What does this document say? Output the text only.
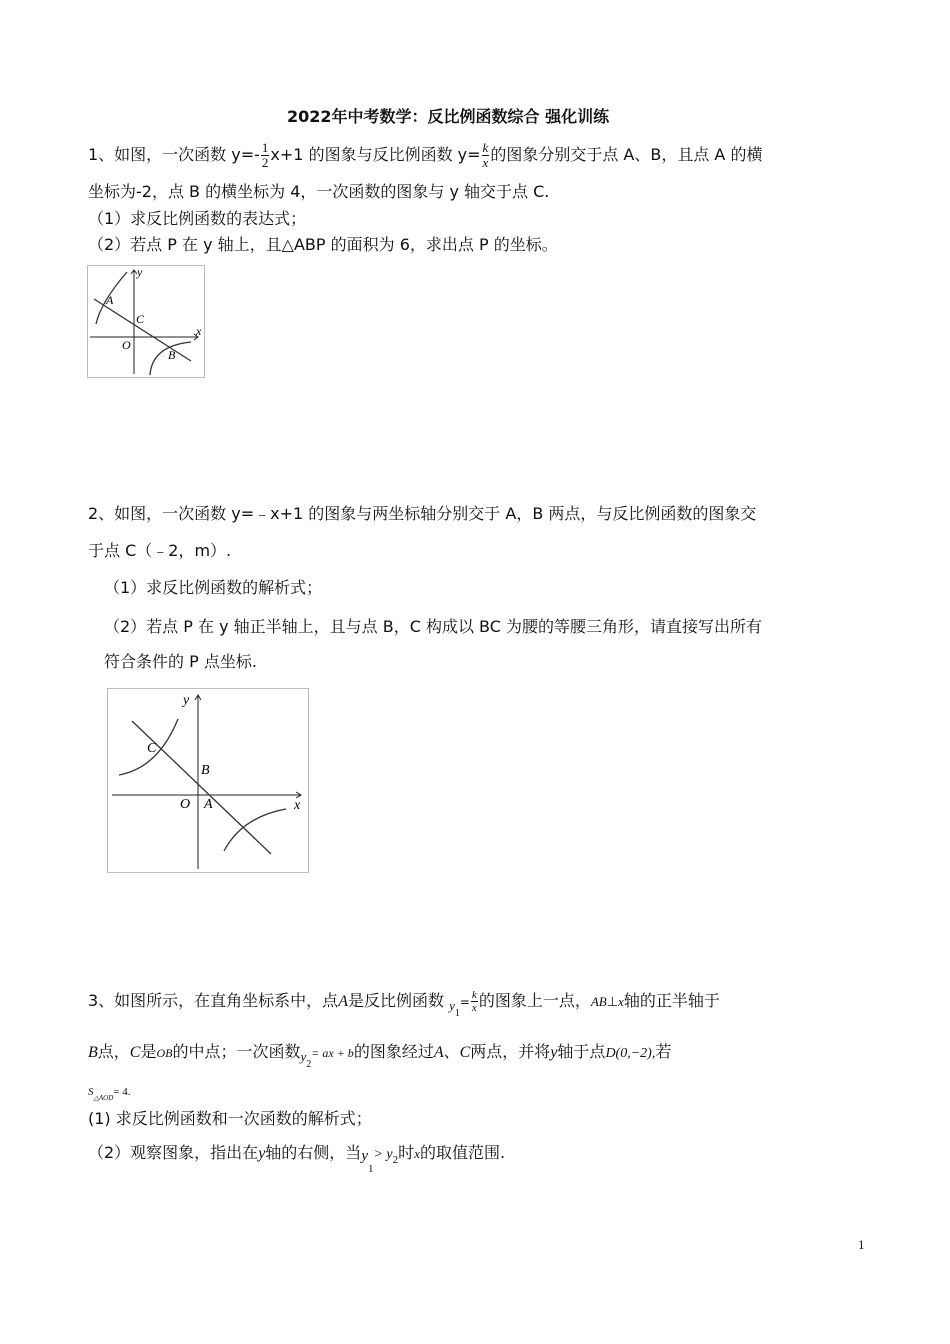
2022年中考数学：反比例函数综合 强化训练
1、如图，一次函数 $y=- \frac{1}{2} x+1$ 的图象与反比例函数 $y= \frac{k}{x}$ 的图象分别交于点 A、B，且点 A 的横
坐标为-2，点 B 的横坐标为 4，一次函数的图象与 y 轴交于点 C.
（1）求反比例函数的表达式；
（2）若点 P 在 y 轴上，且△ABP 的面积为 6，求出点 P 的坐标。
A
C
O
B
x
y
2、如图，一次函数 y=﹣x+1 的图象与两坐标轴分别交于 A，B 两点，与反比例函数的图象交
于点 C（﹣2，m）.
（1）求反比例函数的解析式；
（2）若点 P 在 y 轴正半轴上，且与点 B，C 构成以 BC 为腰的等腰三角形，请直接写出所有
符合条件的 P 点坐标.
C
B
O A	x
y
3、如图所示，在直角坐标系中，点A是反比例函数 $_{y1}= \frac{k}{x}$ 的图象上一点，AB⊥x轴的正半轴于
B点，C是OB的中点；一次函数$_{y2}$= ax + b的图象经过A、C两点，并将y轴于点D(0,−2),若
$S_{\triangle AOD}= 4$.
(1) 求反比例函数和一次函数的解析式；
（2）观察图象，指出在y轴的右侧，当$y_1> y_2$时x的取值范围.
1
